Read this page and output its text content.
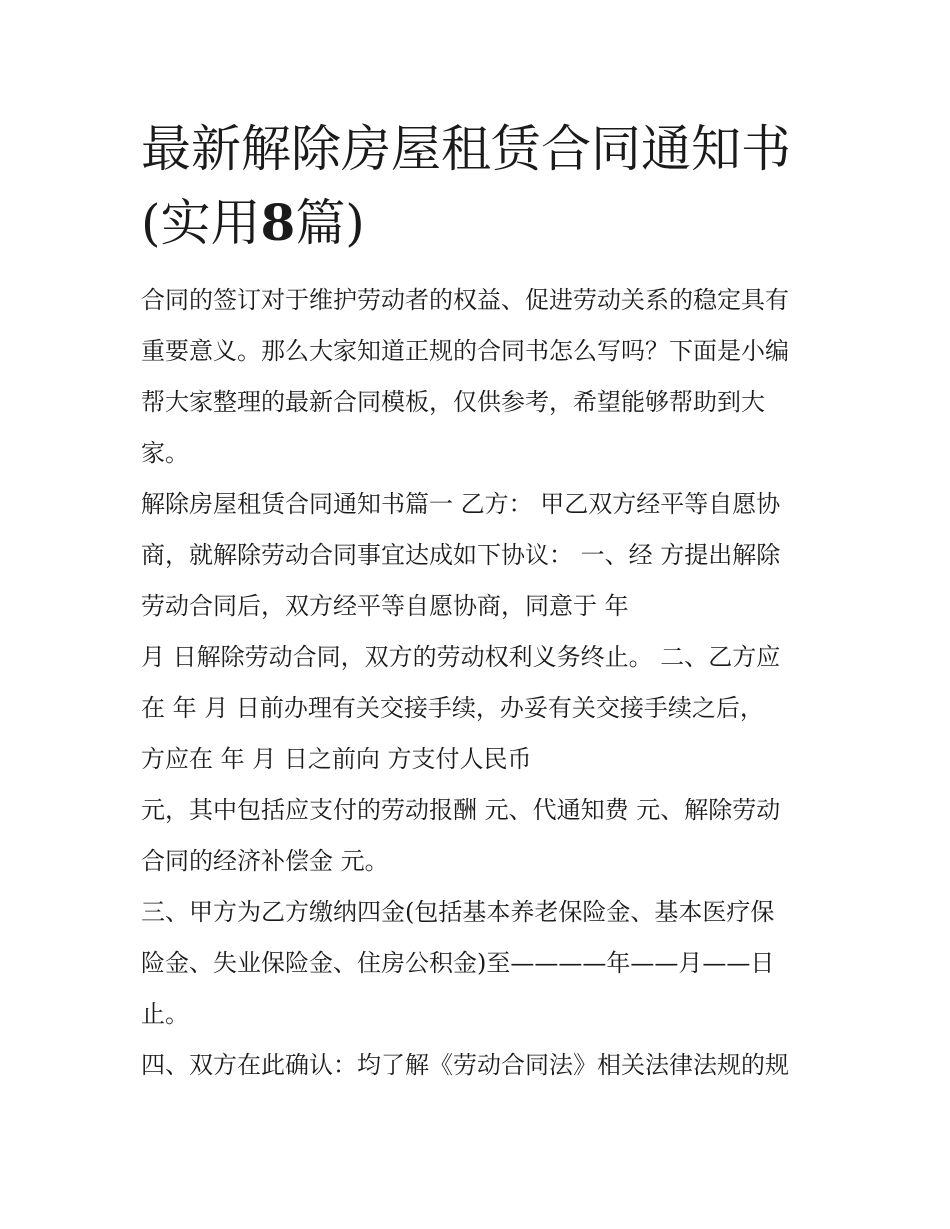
最新解除房屋租赁合同通知书
(实用8篇)

合同的签订对于维护劳动者的权益、促进劳动关系的稳定具有

重要意义。那么大家知道正规的合同书怎么写吗？下面是小编

帮大家整理的最新合同模板，仅供参考，希望能够帮助到大

家。

解除房屋租赁合同通知书篇一 乙方： 甲乙双方经平等自愿协

商，就解除劳动合同事宜达成如下协议： 一、经 方提出解除

劳动合同后，双方经平等自愿协商，同意于 年

月 日解除劳动合同，双方的劳动权利义务终止。 二、乙方应

在 年 月 日前办理有关交接手续，办妥有关交接手续之后，

方应在 年 月 日之前向 方支付人民币

元，其中包括应支付的劳动报酬 元、代通知费 元、解除劳动

合同的经济补偿金 元。

三、甲方为乙方缴纳四金(包括基本养老保险金、基本医疗保

险金、失业保险金、住房公积金)至————年——月——日

止。

四、双方在此确认：均了解《劳动合同法》相关法律法规的规
